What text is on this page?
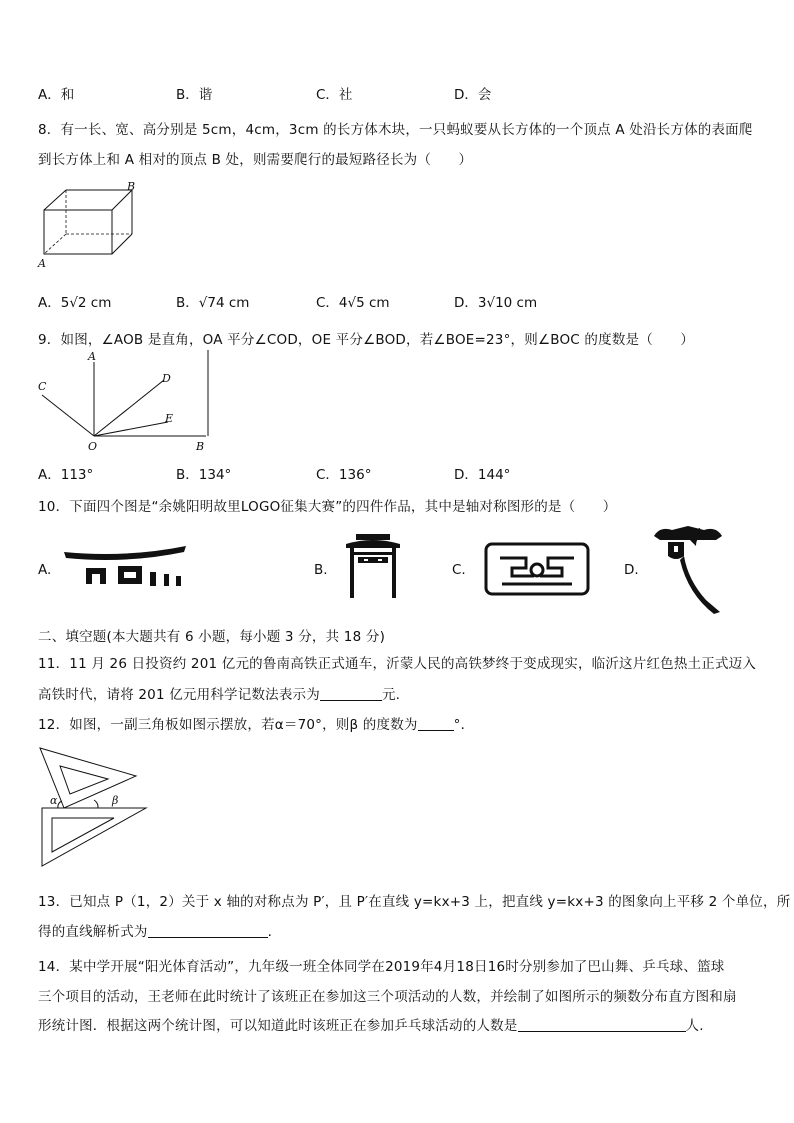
A．和	B．谐	C．社	D．会
8．有一长、宽、高分别是 5cm，4cm，3cm 的长方体木块，一只蚂蚁要从长方体的一个顶点 A 处沿长方体的表面爬
到长方体上和 A 相对的顶点 B 处，则需要爬行的最短路径长为（　　）
A
B
A．5√2 cm	B．√74 cm	C．4√5 cm	D．3√10 cm
9．如图，∠AOB 是直角，OA 平分∠COD，OE 平分∠BOD，若∠BOE=23°，则∠BOC 的度数是（　　）
A
C
D
E
O	B
A．113°	B．134°	C．136°	D．144°
10．下面四个图是“余姚阳明故里LOGO征集大赛”的四件作品，其中是轴对称图形的是（　　）
A.	B.	C.	D.
二、填空题(本大题共有 6 小题，每小题 3 分，共 18 分)
11．11 月 26 日投资约 201 亿元的鲁南高铁正式通车，沂蒙人民的高铁梦终于变成现实，临沂这片红色热土正式迈入
高铁时代，请将 201 亿元用科学记数法表示为	元.
12．如图，一副三角板如图示摆放，若α＝70°，则β 的度数为	°．
α	β
13．已知点 P（1，2）关于 x 轴的对称点为 P′，且 P′在直线 y=kx+3 上，把直线 y=kx+3 的图象向上平移 2 个单位，所
得的直线解析式为	.
14．某中学开展“阳光体育活动”，九年级一班全体同学在2019年4月18日16时分别参加了巴山舞、乒乓球、篮球
三个项目的活动，王老师在此时统计了该班正在参加这三个项活动的人数，并绘制了如图所示的频数分布直方图和扇
形统计图．根据这两个统计图，可以知道此时该班正在参加乒乓球活动的人数是	人.
